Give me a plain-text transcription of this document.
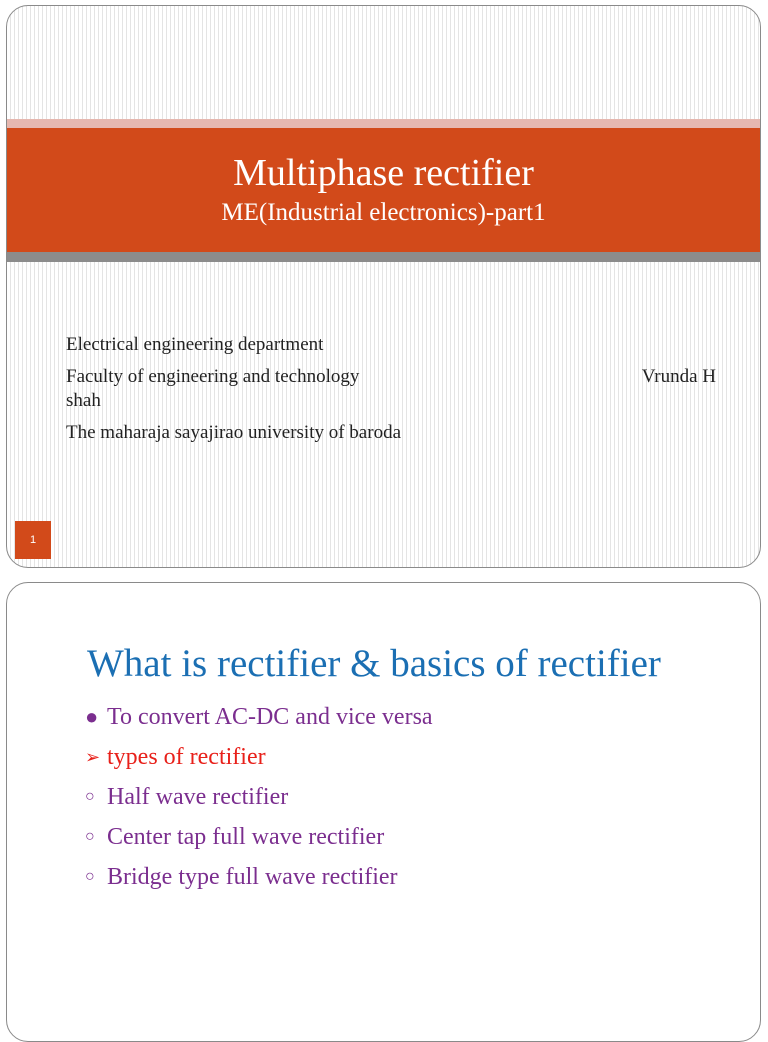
Multiphase rectifier
ME(Industrial electronics)-part1
Electrical engineering department
Faculty of engineering and technology	Vrunda H
shah
The maharaja sayajirao university of baroda
1
What is rectifier & basics of rectifier
● To convert AC-DC and vice versa
➢ types of rectifier
○ Half wave rectifier
○ Center tap full wave rectifier
○ Bridge type full wave rectifier
